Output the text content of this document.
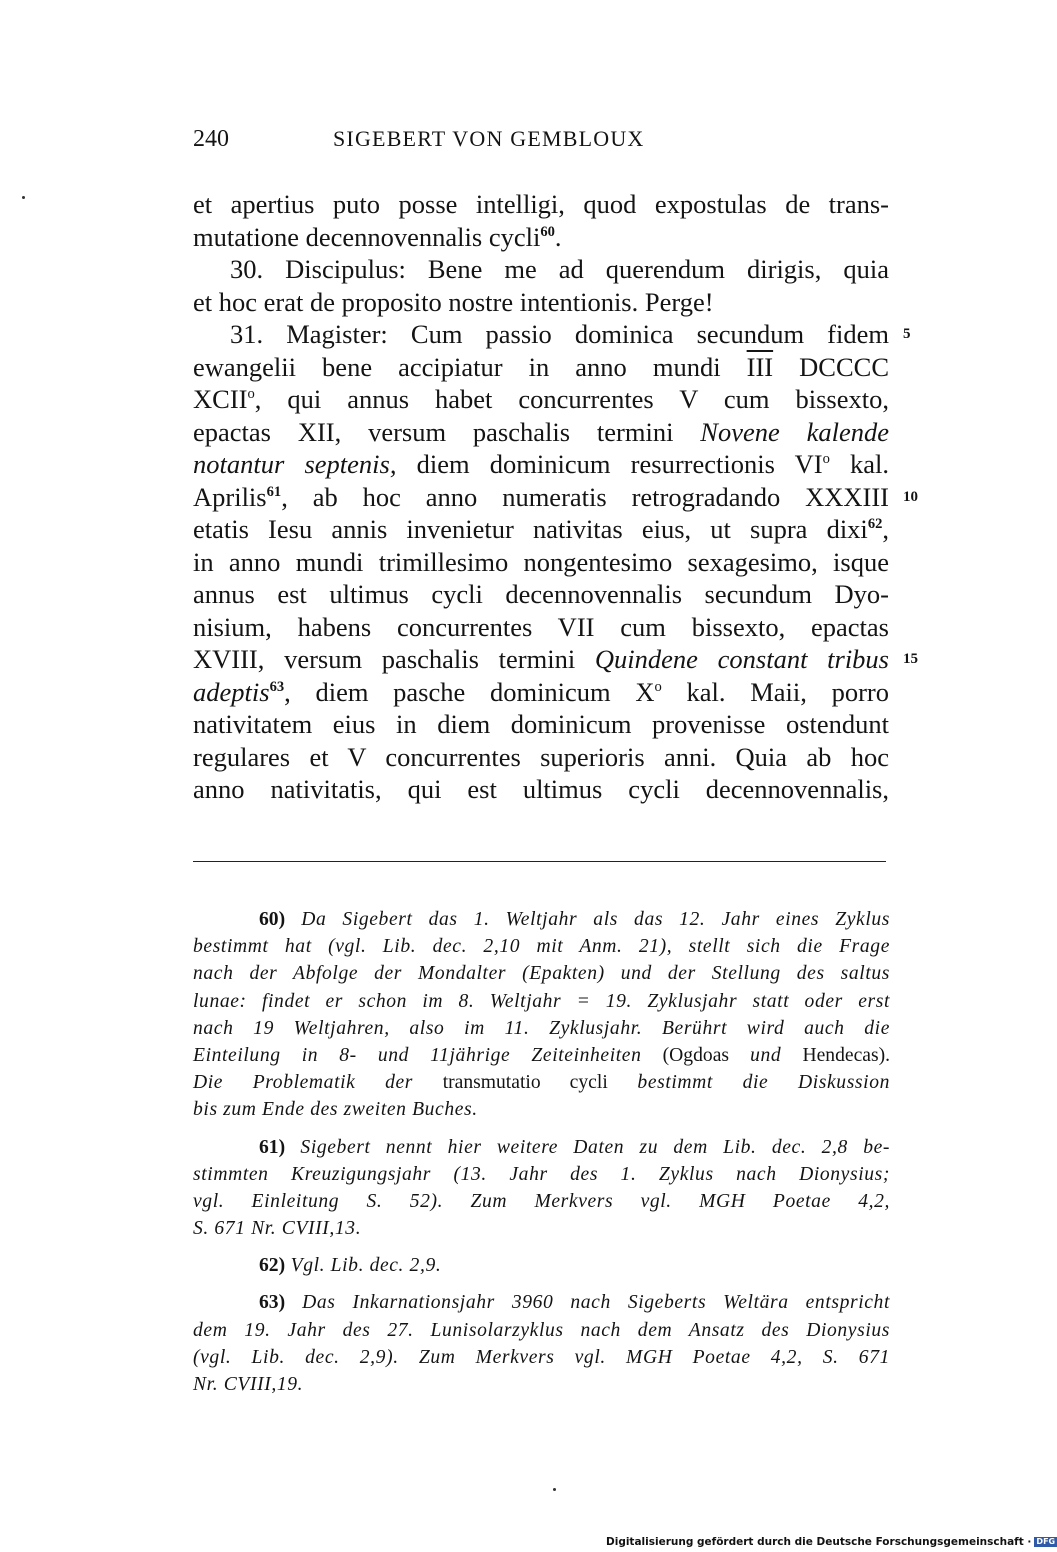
240	SIGEBERT VON GEMBLOUX
et apertius puto posse intelligi, quod expostulas de trans-
mutatione decennovennalis cycli$^{60}$.
30. Discipulus: Bene me ad querendum dirigis, quia
et hoc erat de proposito nostre intentionis. Perge!
31. Magister: Cum passio dominica secundum fidem
ewangelii bene accipiatur in anno mundi $\overline{III}$ DCCCC
XCII$^o$, qui annus habet concurrentes V cum bissexto,
epactas XII, versum paschalis termini Novene kalende
notantur septenis, diem dominicum resurrectionis $VI^o$ kal.
Aprilis$^{61}$, ab hoc anno numeratis retrogradando XXXIII
etatis Iesu annis invenietur nativitas eius, ut supra dixi$^{62}$,
in anno mundi trimillesimo nongentesimo sexagesimo, isque
annus est ultimus cycli decennovennalis secundum Dyo-
nisium, habens concurrentes VII cum bissexto, epactas
XVIII, versum paschalis termini Quindene constant tribus
adeptis$^{63}$, diem pasche dominicum $X^o$ kal. Maii, porro
nativitatem eius in diem dominicum provenisse ostendunt
regulares et V concurrentes superioris anni. Quia ab hoc
anno nativitatis, qui est ultimus cycli decennovennalis,
5
10
15
60) Da Sigebert das 1. Weltjahr als das 12. Jahr eines Zyklus
bestimmt hat (vgl. Lib. dec. 2,10 mit Anm. 21), stellt sich die Frage
nach der Abfolge der Mondalter (Epakten) und der Stellung des saltus
lunae: findet er schon im 8. Weltjahr = 19. Zyklusjahr statt oder erst
nach 19 Weltjahren, also im 11. Zyklusjahr. Berührt wird auch die
Einteilung in 8- und 11jährige Zeiteinheiten (Ogdoas und Hendecas).
Die Problematik der transmutatio cycli bestimmt die Diskussion
bis zum Ende des zweiten Buches.
61) Sigebert nennt hier weitere Daten zu dem Lib. dec. 2,8 be-
stimmten Kreuzigungsjahr (13. Jahr des 1. Zyklus nach Dionysius;
vgl. Einleitung S. 52). Zum Merkvers vgl. MGH Poetae 4,2,
S. 671 Nr. CVIII,13.
62) Vgl. Lib. dec. 2,9.
63) Das Inkarnationsjahr 3960 nach Sigeberts Weltära entspricht
dem 19. Jahr des 27. Lunisolarzyklus nach dem Ansatz des Dionysius
(vgl. Lib. dec. 2,9). Zum Merkvers vgl. MGH Poetae 4,2, S. 671
Nr. CVIII,19.
Digitalisierung gefördert durch die Deutsche Forschungsgemeinschaft · DFG
